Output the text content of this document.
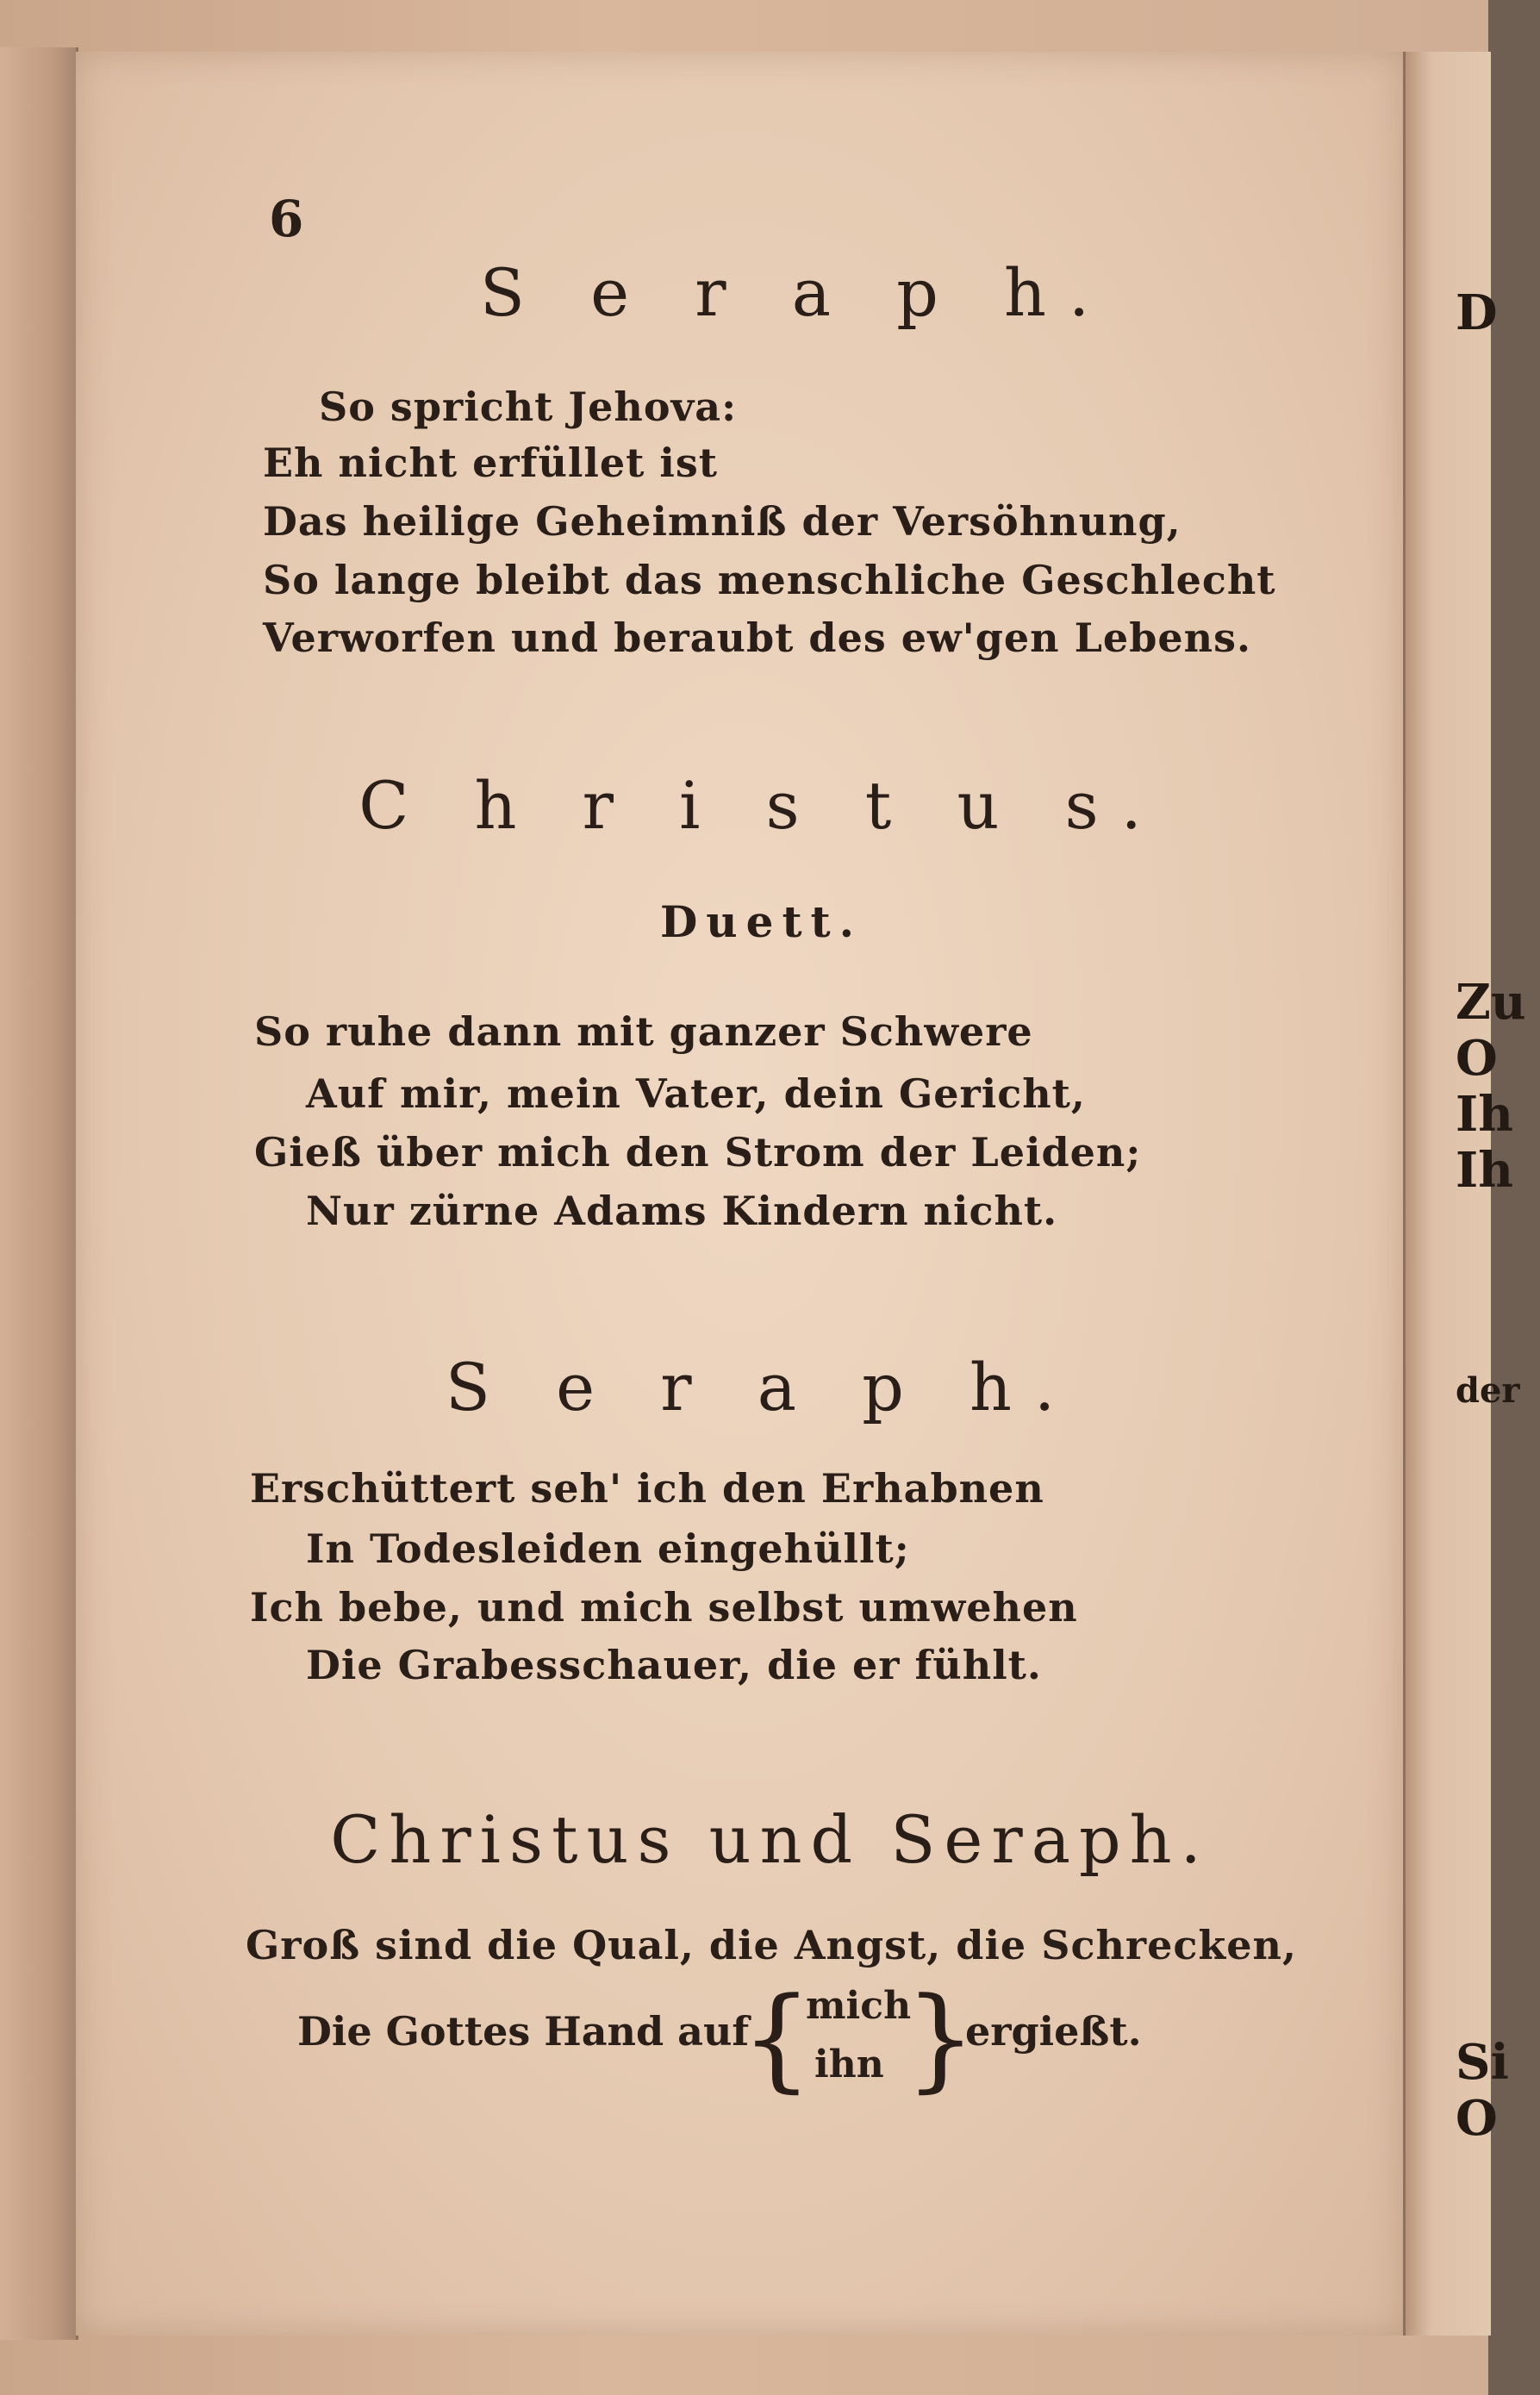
D
Zu
O
Ih
Ih
der
Si
O
6
S e r a p h.
So spricht Jehova:
Eh nicht erfüllet ist
Das heilige Geheimniß der Versöhnung,
So lange bleibt das menschliche Geschlecht
Verworfen und beraubt des ew'gen Lebens.
C h r i s t u s.
Duett.
So ruhe dann mit ganzer Schwere
Auf mir, mein Vater, dein Gericht,
Gieß über mich den Strom der Leiden;
Nur zürne Adams Kindern nicht.
S e r a p h.
Erschüttert seh' ich den Erhabnen
In Todesleiden eingehüllt;
Ich bebe, und mich selbst umwehen
Die Grabesschauer, die er fühlt.
Christus und Seraph.
Groß sind die Qual, die Angst, die Schrecken,
Die Gottes Hand auf
{
mich
ihn }
ergießt.
